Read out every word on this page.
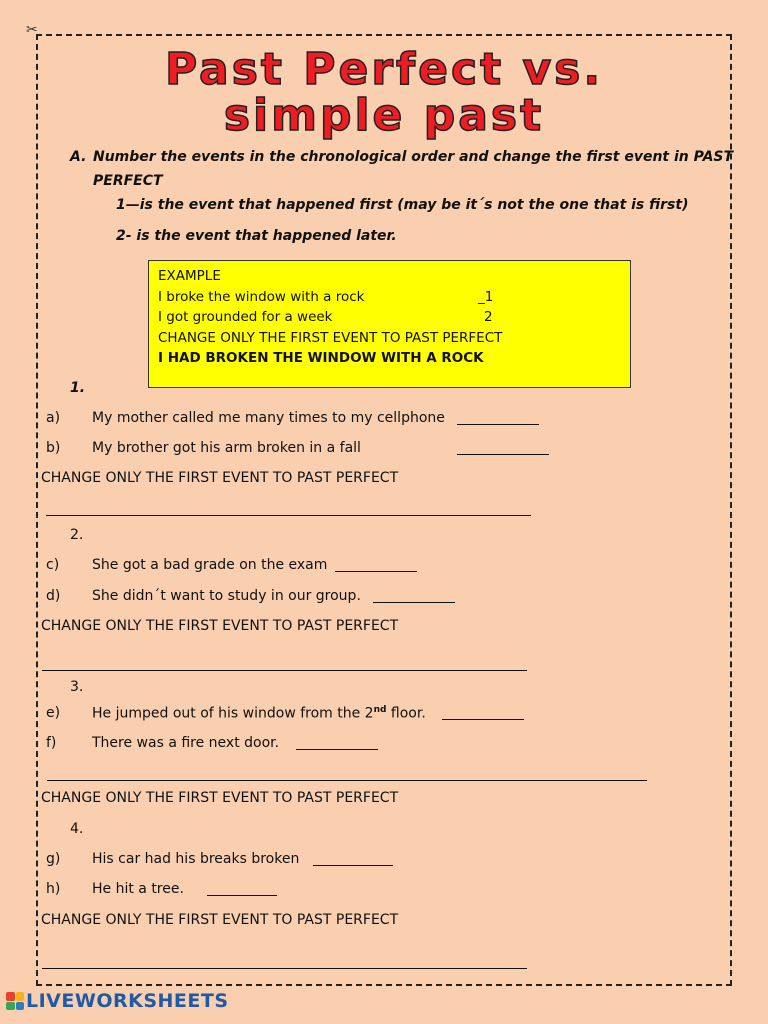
✂
Past Perfect vs.
simple past
A. Number the events in the chronological order and change the first event in PAST
PERFECT
1—is the event that happened first (may be it´s not the one that is first)
2- is the event that happened later.
EXAMPLE
I broke the window with a rock	_1
I got grounded for a week	2
CHANGE ONLY THE FIRST EVENT TO PAST PERFECT
I HAD BROKEN THE WINDOW WITH A ROCK
1.
a) My mother called me many times to my cellphone
b) My brother got his arm broken in a fall
CHANGE ONLY THE FIRST EVENT TO PAST PERFECT
2.
c) She got a bad grade on the exam
d) She didn´t want to study in our group.
CHANGE ONLY THE FIRST EVENT TO PAST PERFECT
3.
e) He jumped out of his window from the 2nd floor.
f)	There was a fire next door.
CHANGE ONLY THE FIRST EVENT TO PAST PERFECT
4.
g) His car had his breaks broken
h) He hit a tree.
CHANGE ONLY THE FIRST EVENT TO PAST PERFECT
LIVEWORKSHEETS
